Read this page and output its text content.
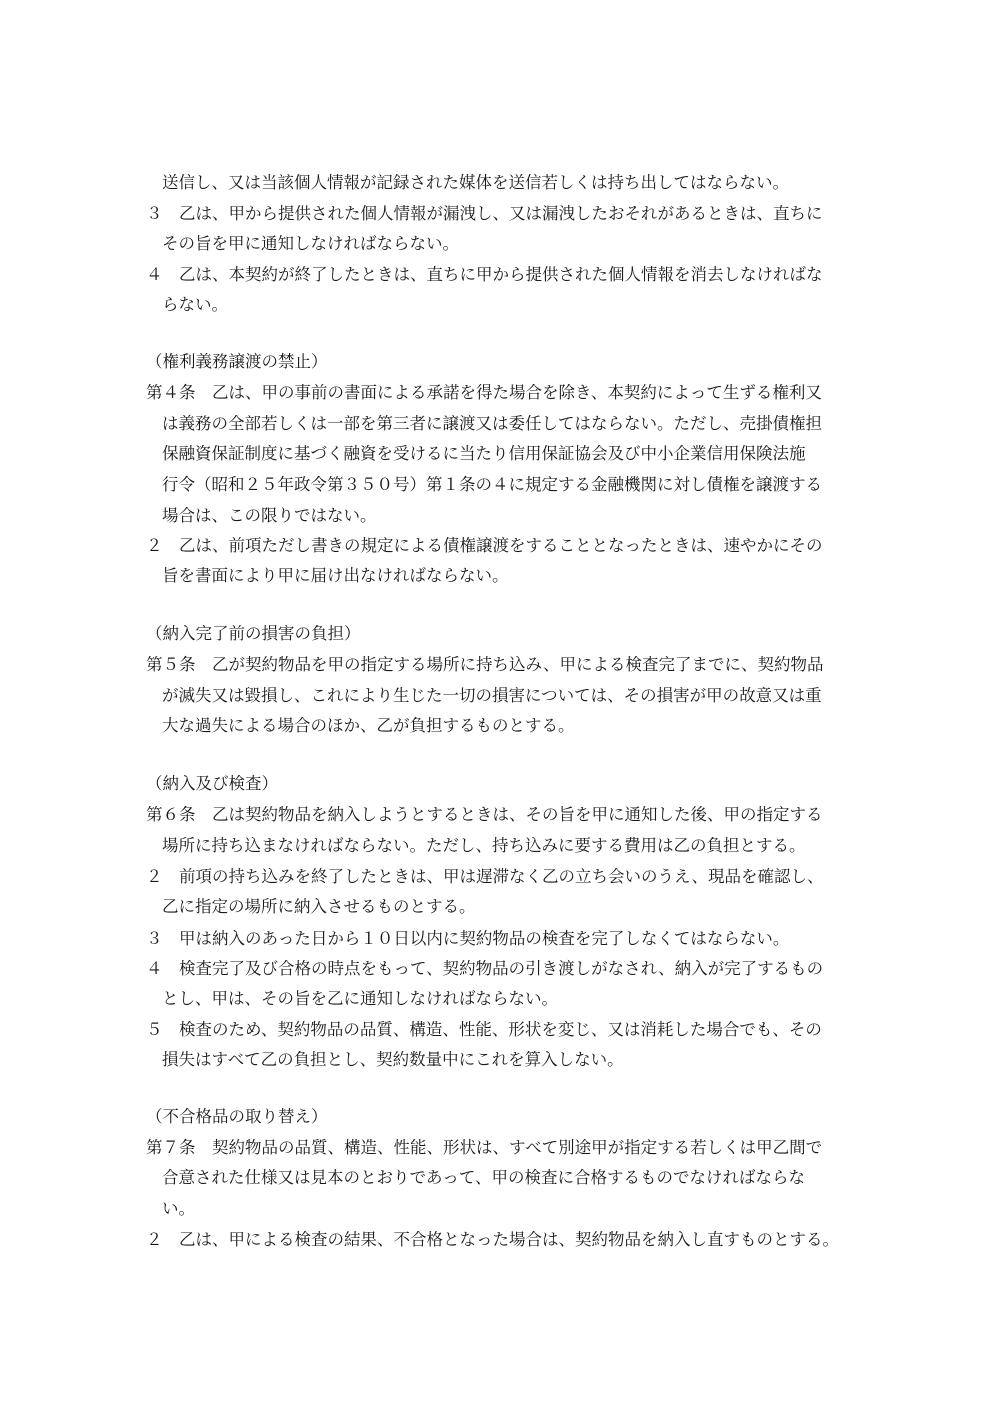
送信し、又は当該個人情報が記録された媒体を送信若しくは持ち出してはならない。
３　乙は、甲から提供された個人情報が漏洩し、又は漏洩したおそれがあるときは、直ちに
その旨を甲に通知しなければならない。
４　乙は、本契約が終了したときは、直ちに甲から提供された個人情報を消去しなければな
らない。
（権利義務譲渡の禁止）
第４条　乙は、甲の事前の書面による承諾を得た場合を除き、本契約によって生ずる権利又
は義務の全部若しくは一部を第三者に譲渡又は委任してはならない。ただし、売掛債権担
保融資保証制度に基づく融資を受けるに当たり信用保証協会及び中小企業信用保険法施
行令（昭和２５年政令第３５０号）第１条の４に規定する金融機関に対し債権を譲渡する
場合は、この限りではない。
２　乙は、前項ただし書きの規定による債権譲渡をすることとなったときは、速やかにその
旨を書面により甲に届け出なければならない。
（納入完了前の損害の負担）
第５条　乙が契約物品を甲の指定する場所に持ち込み、甲による検査完了までに、契約物品
が滅失又は毀損し、これにより生じた一切の損害については、その損害が甲の故意又は重
大な過失による場合のほか、乙が負担するものとする。
（納入及び検査）
第６条　乙は契約物品を納入しようとするときは、その旨を甲に通知した後、甲の指定する
場所に持ち込まなければならない。ただし、持ち込みに要する費用は乙の負担とする。
２　前項の持ち込みを終了したときは、甲は遅滞なく乙の立ち会いのうえ、現品を確認し、
乙に指定の場所に納入させるものとする。
３　甲は納入のあった日から１０日以内に契約物品の検査を完了しなくてはならない。
４　検査完了及び合格の時点をもって、契約物品の引き渡しがなされ、納入が完了するもの
とし、甲は、その旨を乙に通知しなければならない。
５　検査のため、契約物品の品質、構造、性能、形状を変じ、又は消耗した場合でも、その
損失はすべて乙の負担とし、契約数量中にこれを算入しない。
（不合格品の取り替え）
第７条　契約物品の品質、構造、性能、形状は、すべて別途甲が指定する若しくは甲乙間で
合意された仕様又は見本のとおりであって、甲の検査に合格するものでなければならな
い。
２　乙は、甲による検査の結果、不合格となった場合は、契約物品を納入し直すものとする。
